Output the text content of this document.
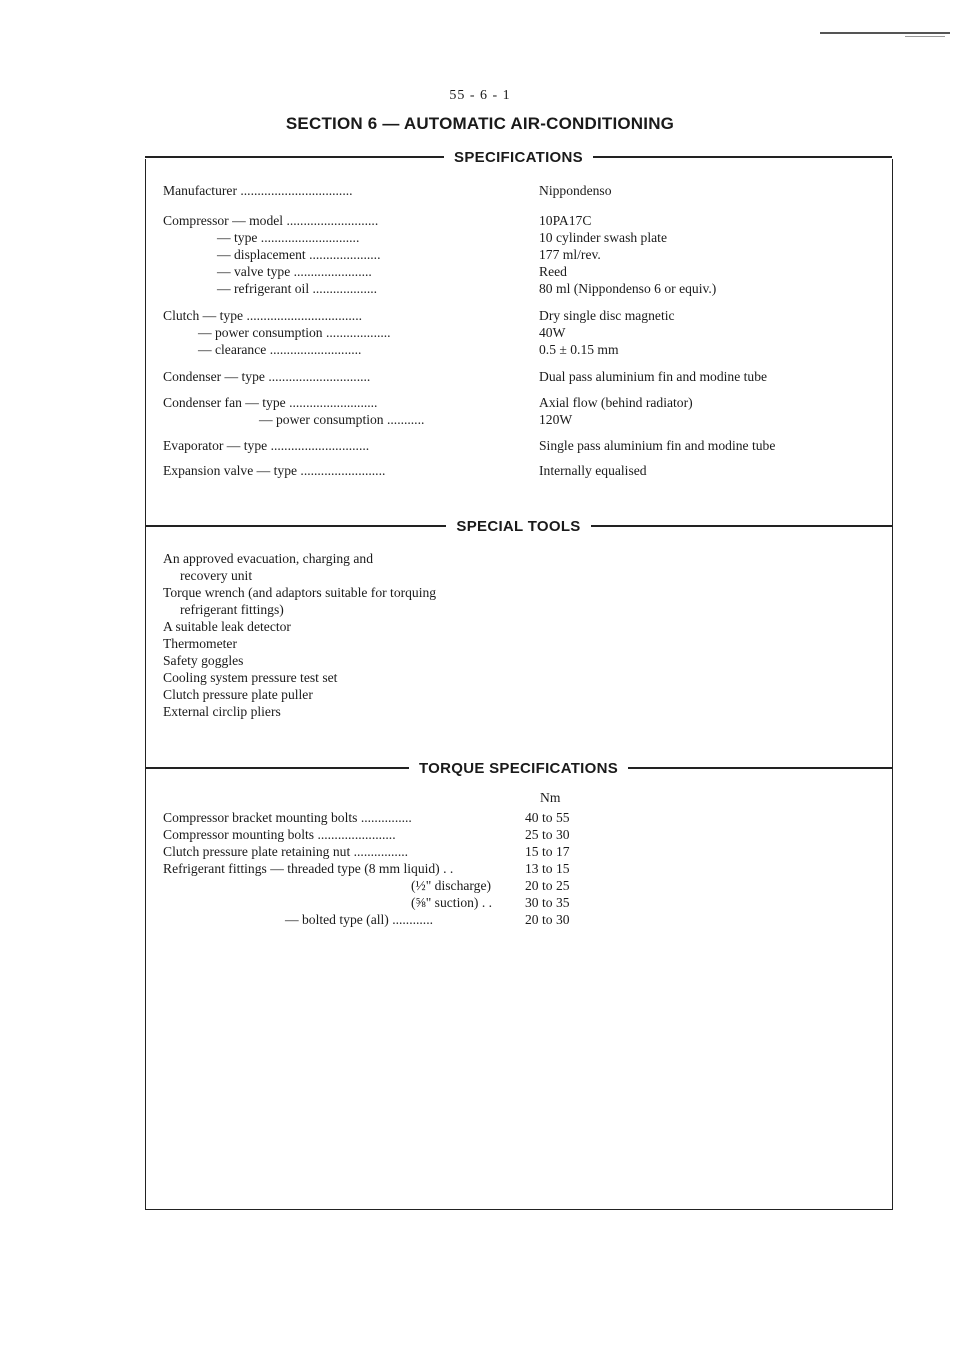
55 - 6 - 1
SECTION 6 — AUTOMATIC AIR-CONDITIONING
SPECIFICATIONS
Manufacturer .................................	Nippondenso
Compressor — model ...........................	10PA17C
— type .............................	10 cylinder swash plate
— displacement .....................	177 ml/rev.
— valve type .......................	Reed
— refrigerant oil ...................	80 ml (Nippondenso 6 or equiv.)
Clutch — type ..................................	Dry single disc magnetic
— power consumption ...................	40W
— clearance ...........................	0.5 ± 0.15 mm
Condenser — type ..............................	Dual pass aluminium fin and modine tube
Condenser fan — type ..........................	Axial flow (behind radiator)
— power consumption ...........	120W
Evaporator — type .............................	Single pass aluminium fin and modine tube
Expansion valve — type .........................	Internally equalised
SPECIAL TOOLS
An approved evacuation, charging and
recovery unit
Torque wrench (and adaptors suitable for torquing
refrigerant fittings)
A suitable leak detector
Thermometer
Safety goggles
Cooling system pressure test set
Clutch pressure plate puller
External circlip pliers
TORQUE SPECIFICATIONS
Nm
Compressor bracket mounting bolts ...............	40 to 55
Compressor mounting bolts .......................	25 to 30
Clutch pressure plate retaining nut ................	15 to 17
Refrigerant fittings — threaded type (8 mm liquid) . .	13 to 15
(½" discharge)	20 to 25
(⅝" suction) . .	30 to 35
— bolted type (all) ............	20 to 30
